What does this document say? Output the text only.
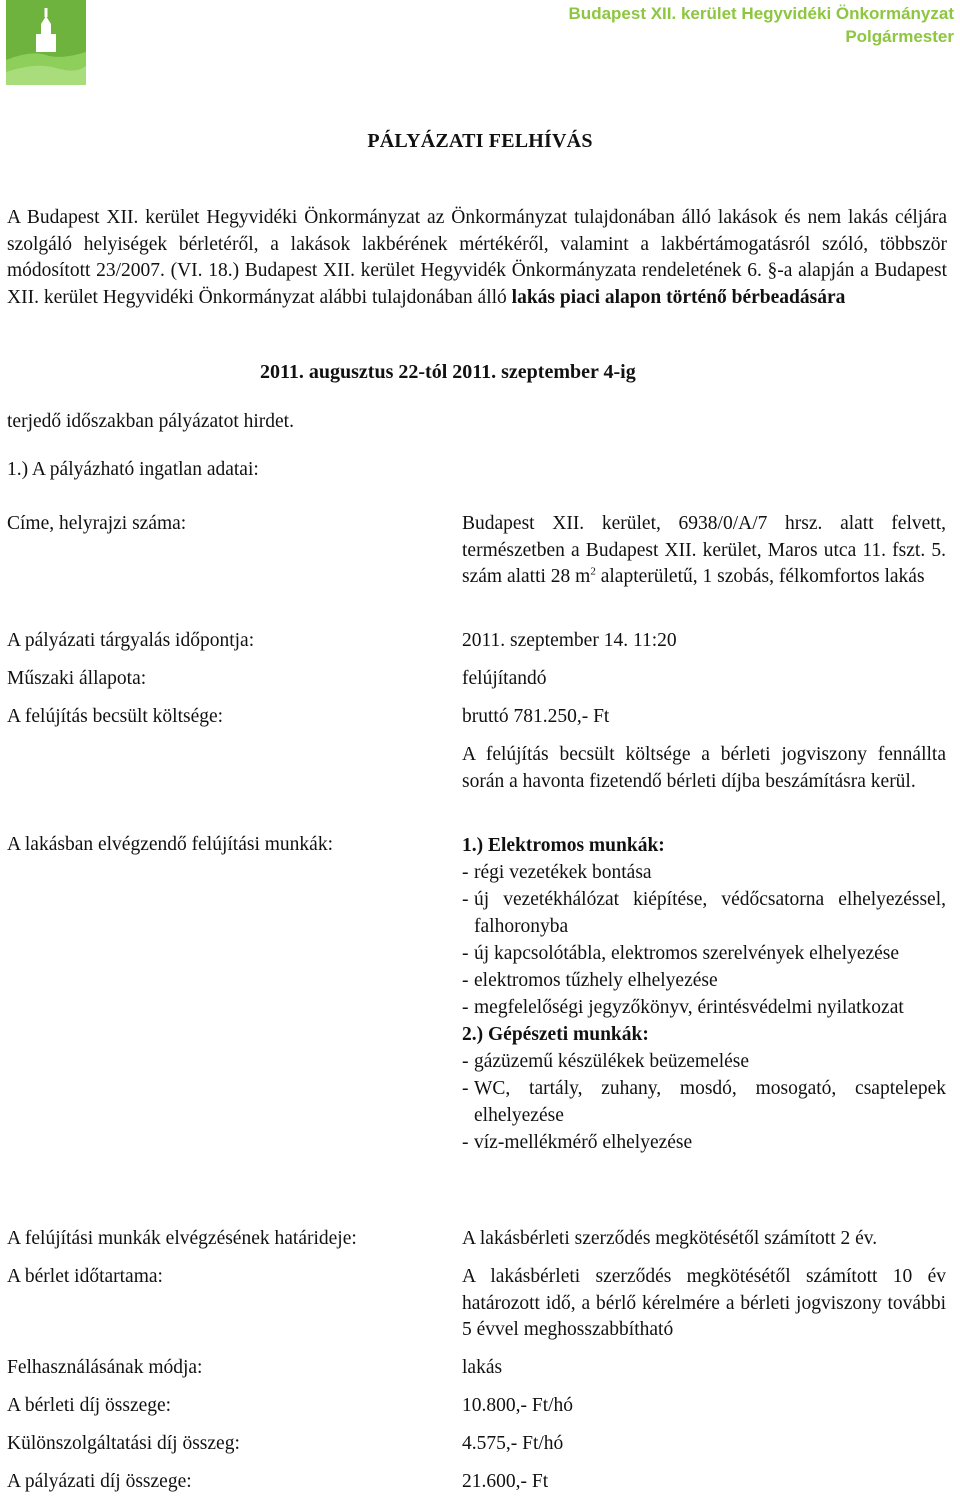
Budapest XII. kerület Hegyvidéki Önkormányzat
Polgármester
PÁLYÁZATI FELHÍVÁS
A Budapest XII. kerület Hegyvidéki Önkormányzat az Önkormányzat tulajdonában álló lakások és nem lakás céljára szolgáló helyiségek bérletéről, a lakások lakbérének mértékéről, valamint a lakbértámogatásról szóló, többször módosított 23/2007. (VI. 18.) Budapest XII. kerület Hegyvidék Önkormányzata rendeletének 6. §-a alapján a Budapest XII. kerület Hegyvidéki Önkormányzat alábbi tulajdonában álló lakás piaci alapon történő bérbeadására
2011. augusztus 22-tól 2011. szeptember 4-ig
terjedő időszakban pályázatot hirdet.
1.) A pályázható ingatlan adatai:
Címe, helyrajzi száma:	Budapest XII. kerület, 6938/0/A/7 hrsz. alatt felvett, természetben a Budapest XII. kerület, Maros utca 11. fszt. 5. szám alatti 28 $m^2$ alapterületű, 1 szobás, félkomfortos lakás
A pályázati tárgyalás időpontja:	2011. szeptember 14. 11:20
Műszaki állapota:	felújítandó
A felújítás becsült költsége:	bruttó 781.250,- Ft
A felújítás becsült költsége a bérleti jogviszony fennállta során a havonta fizetendő bérleti díjba beszámításra kerül.
A lakásban elvégzendő felújítási munkák:	1.) Elektromos munkák:
- régi vezetékek bontása
- új vezetékhálózat kiépítése, védőcsatorna elhelyezéssel, falhoronyba
- új kapcsolótábla, elektromos szerelvények elhelyezése
- elektromos tűzhely elhelyezése
- megfelelőségi jegyzőkönyv, érintésvédelmi nyilatkozat
2.) Gépészeti munkák:
- gázüzemű készülékek beüzemelése
- WC, tartály, zuhany, mosdó, mosogató, csaptelepek elhelyezése
- víz-mellékmérő elhelyezése
A felújítási munkák elvégzésének határideje:	A lakásbérleti szerződés megkötésétől számított 2 év.
A bérlet időtartama:	A lakásbérleti szerződés megkötésétől számított 10 év határozott idő, a bérlő kérelmére a bérleti jogviszony további 5 évvel meghosszabbítható
Felhasználásának módja:	lakás
A bérleti díj összege:	10.800,- Ft/hó
Különszolgáltatási díj összeg:	4.575,- Ft/hó
A pályázati díj összege:	21.600,- Ft
